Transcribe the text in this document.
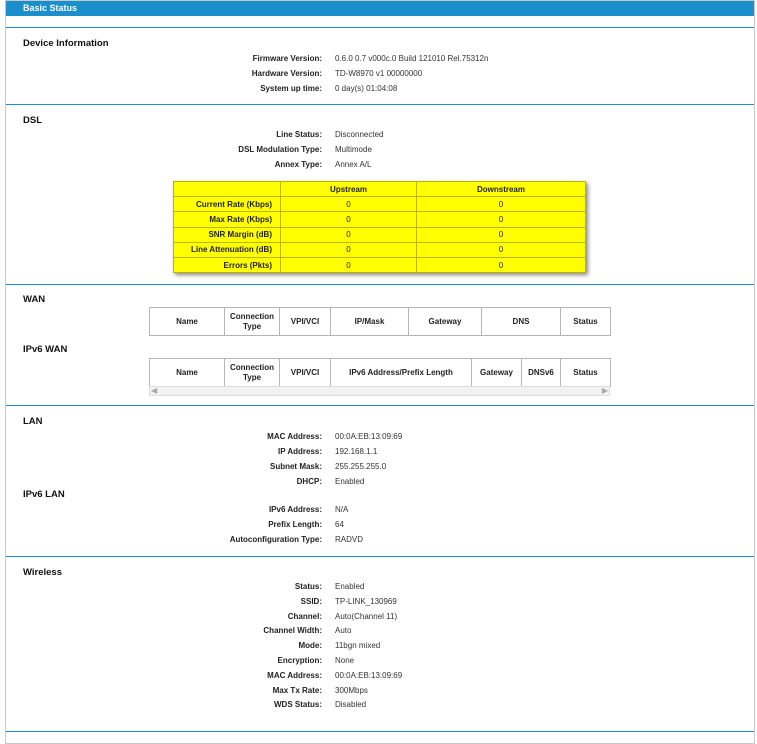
Basic Status
Device Information
Firmware Version: 0.6.0 0.7 v000c.0 Build 121010 Rel.75312n
Hardware Version: TD-W8970 v1 00000000
System up time: 0 day(s) 01:04:08
DSL
Line Status: Disconnected
DSL Modulation Type: Multimode
Annex Type: Annex A/L
	Upstream	Downstream
Current Rate (Kbps)	0	0
Max Rate (Kbps)	0	0
SNR Margin (dB)	0	0
Line Attenuation (dB)	0	0
Errors (Pkts)	0	0
WAN
Name	Connection Type	VPI/VCI	IP/Mask	Gateway	DNS	Status
IPv6 WAN
Name	Connection Type	VPI/VCI	IPv6 Address/Prefix Length	Gateway	DNSv6	Status
◀	▶
LAN
MAC Address: 00:0A:EB:13:09:69
IP Address: 192.168.1.1
Subnet Mask: 255.255.255.0
DHCP: Enabled
IPv6 LAN
IPv6 Address: N/A
Prefix Length: 64
Autoconfiguration Type: RADVD
Wireless
Status: Enabled
SSID: TP-LINK_130969
Channel: Auto(Channel 11)
Channel Width: Auto
Mode: 11bgn mixed
Encryption: None
MAC Address: 00:0A:EB:13:09:69
Max Tx Rate: 300Mbps
WDS Status: Disabled
